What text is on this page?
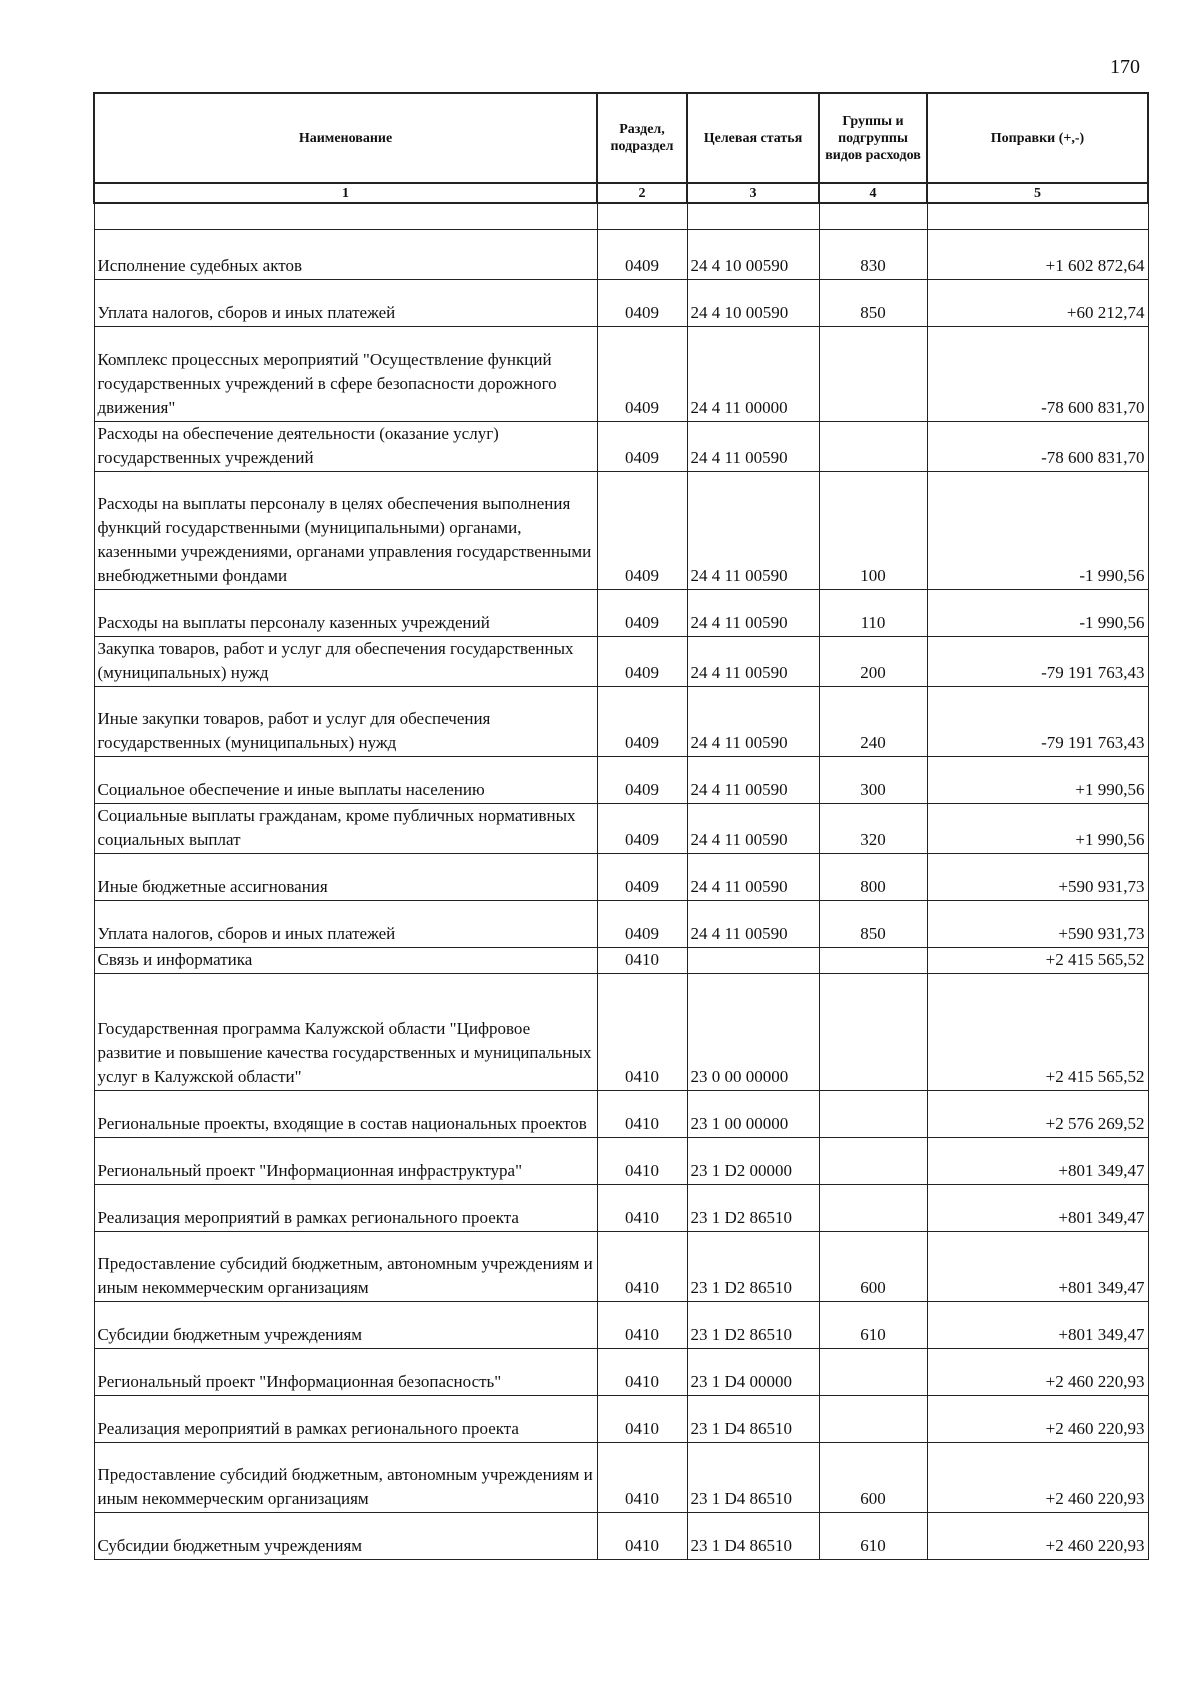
170
Наименование	Раздел, подраздел	Целевая статья	Группы и подгруппы видов расходов	Поправки (+,-)
1	2	3	4	5

Исполнение судебных актов	0409	24 4 10 00590	830	+1 602 872,64
Уплата налогов, сборов и иных платежей	0409	24 4 10 00590	850	+60 212,74
Комплекс процессных мероприятий "Осуществление функций государственных учреждений в сфере безопасности дорожного движения"	0409	24 4 11 00000		-78 600 831,70
Расходы на обеспечение деятельности (оказание услуг) государственных учреждений	0409	24 4 11 00590		-78 600 831,70
Расходы на выплаты персоналу в целях обеспечения выполнения функций государственными (муниципальными) органами, казенными учреждениями, органами управления государственными внебюджетными фондами	0409	24 4 11 00590	100	-1 990,56
Расходы на выплаты персоналу казенных учреждений	0409	24 4 11 00590	110	-1 990,56
Закупка товаров, работ и услуг для обеспечения государственных (муниципальных) нужд	0409	24 4 11 00590	200	-79 191 763,43
Иные закупки товаров, работ и услуг для обеспечения государственных (муниципальных) нужд	0409	24 4 11 00590	240	-79 191 763,43
Социальное обеспечение и иные выплаты населению	0409	24 4 11 00590	300	+1 990,56
Социальные выплаты гражданам, кроме публичных нормативных социальных выплат	0409	24 4 11 00590	320	+1 990,56
Иные бюджетные ассигнования	0409	24 4 11 00590	800	+590 931,73
Уплата налогов, сборов и иных платежей	0409	24 4 11 00590	850	+590 931,73
Связь и информатика	0410			+2 415 565,52
Государственная программа Калужской области "Цифровое развитие и повышение качества государственных и муниципальных услуг в Калужской области"	0410	23 0 00 00000		+2 415 565,52
Региональные проекты, входящие в состав национальных проектов	0410	23 1 00 00000		+2 576 269,52
Региональный проект "Информационная инфраструктура"	0410	23 1 D2 00000		+801 349,47
Реализация мероприятий в рамках регионального проекта	0410	23 1 D2 86510		+801 349,47
Предоставление субсидий бюджетным, автономным учреждениям и иным некоммерческим организациям	0410	23 1 D2 86510	600	+801 349,47
Субсидии бюджетным учреждениям	0410	23 1 D2 86510	610	+801 349,47
Региональный проект "Информационная безопасность"	0410	23 1 D4 00000		+2 460 220,93
Реализация мероприятий в рамках регионального проекта	0410	23 1 D4 86510		+2 460 220,93
Предоставление субсидий бюджетным, автономным учреждениям и иным некоммерческим организациям	0410	23 1 D4 86510	600	+2 460 220,93
Субсидии бюджетным учреждениям	0410	23 1 D4 86510	610	+2 460 220,93
